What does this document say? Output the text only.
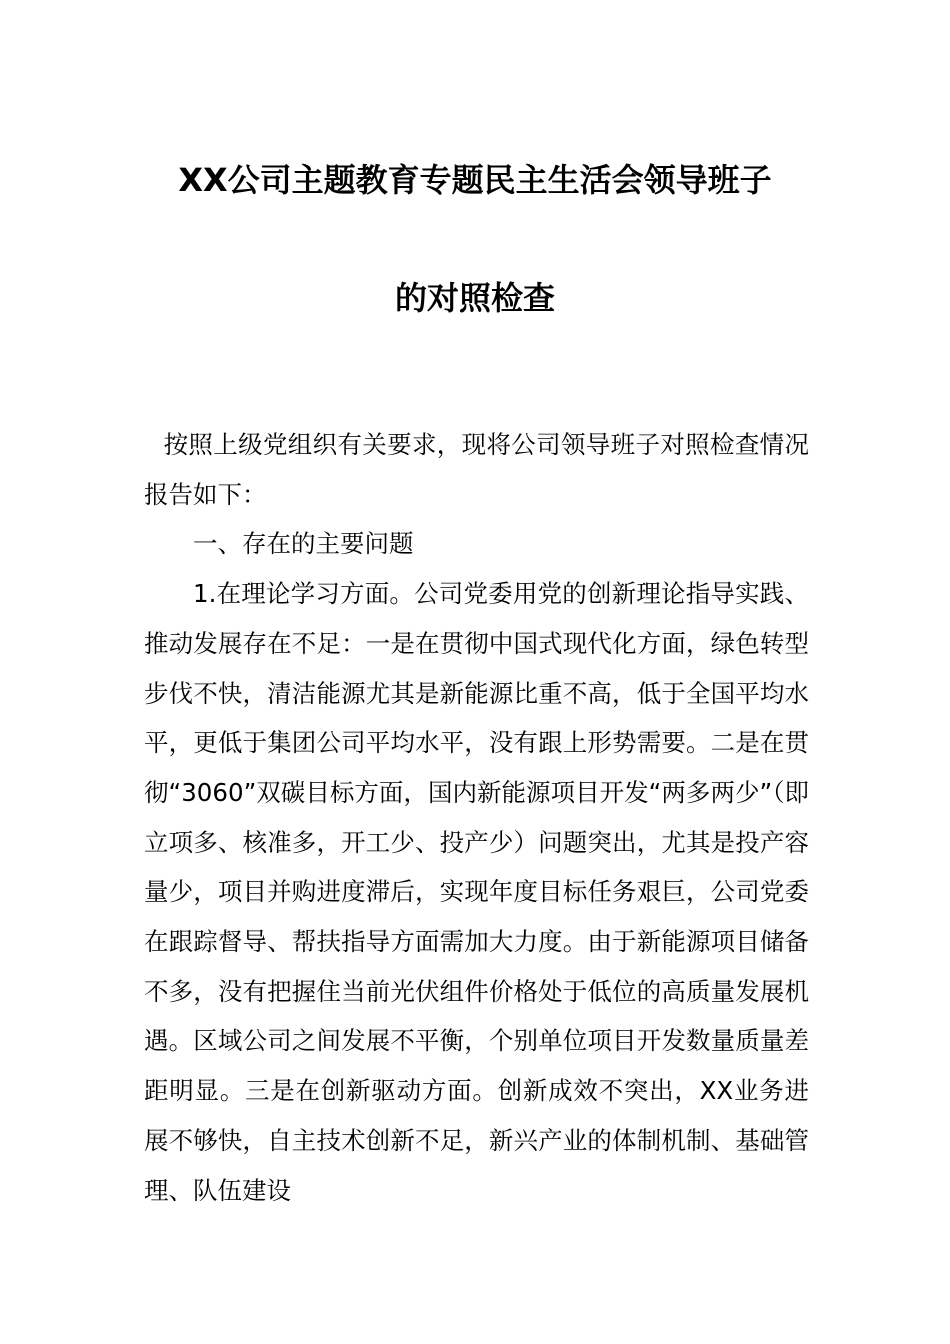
XX公司主题教育专题民主生活会领导班子
的对照检查

按照上级党组织有关要求，现将公司领导班子对照检查情况报告如下：

一、存在的主要问题

1.在理论学习方面。公司党委用党的创新理论指导实践、推动发展存在不足：一是在贯彻中国式现代化方面，绿色转型步伐不快，清洁能源尤其是新能源比重不高，低于全国平均水平，更低于集团公司平均水平，没有跟上形势需要。二是在贯彻“3060”双碳目标方面，国内新能源项目开发“两多两少”（即立项多、核准多，开工少、投产少）问题突出，尤其是投产容量少，项目并购进度滞后，实现年度目标任务艰巨，公司党委在跟踪督导、帮扶指导方面需加大力度。由于新能源项目储备不多，没有把握住当前光伏组件价格处于低位的高质量发展机遇。区域公司之间发展不平衡，个别单位项目开发数量质量差距明显。三是在创新驱动方面。创新成效不突出，XX业务进展不够快，自主技术创新不足，新兴产业的体制机制、基础管理、队伍建设
